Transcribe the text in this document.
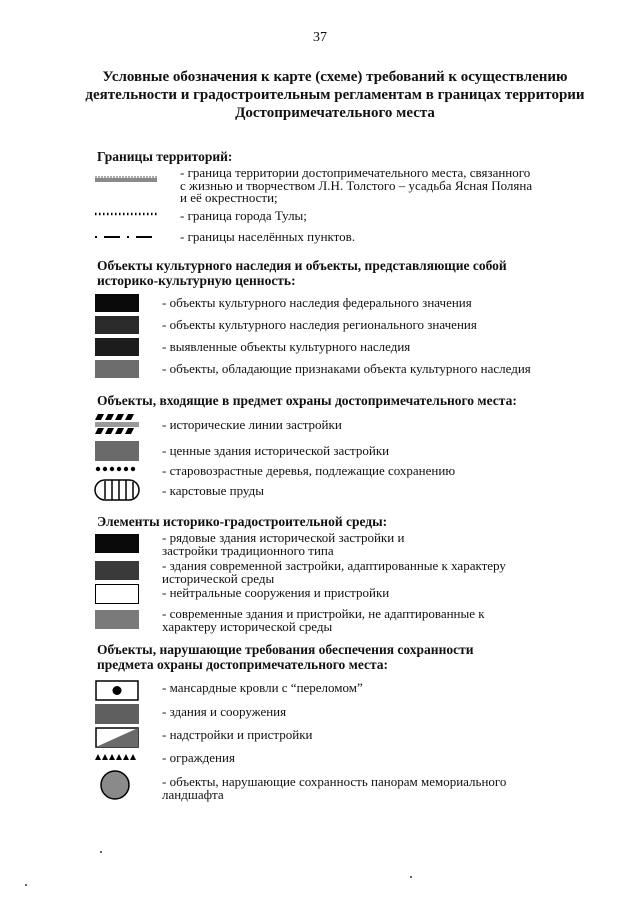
37
Условные обозначения к карте (схеме) требований к осуществлению деятельности и градостроительным регламентам в границах территории Достопримечательного места
Границы территорий:
- граница территории достопримечательного места, связанного
с жизнью и творчеством Л.Н. Толстого – усадьба Ясная Поляна
и её окрестности;
- граница города Тулы;
- границы населённых пунктов.
Объекты культурного наследия и объекты, представляющие собой
историко-культурную ценность:
- объекты культурного наследия федерального значения
- объекты культурного наследия регионального значения
- выявленные объекты культурного наследия
- объекты, обладающие признаками объекта культурного наследия
Объекты, входящие в предмет охраны достопримечательного места:
- исторические линии застройки
- ценные здания исторической застройки
- старовозрастные деревья, подлежащие сохранению
- карстовые пруды
Элементы историко-градостроительной среды:
- рядовые здания исторической застройки и
застройки традиционного типа
- здания современной застройки, адаптированные к характеру
исторической среды
- нейтральные сооружения и пристройки
- современные здания и пристройки, не адаптированные к
характеру исторической среды
Объекты, нарушающие требования обеспечения сохранности
предмета охраны достопримечательного места:
- мансардные кровли с “переломом”
- здания и сооружения
- надстройки и пристройки
- ограждения
- объекты, нарушающие сохранность панорам мемориального
ландшафта
